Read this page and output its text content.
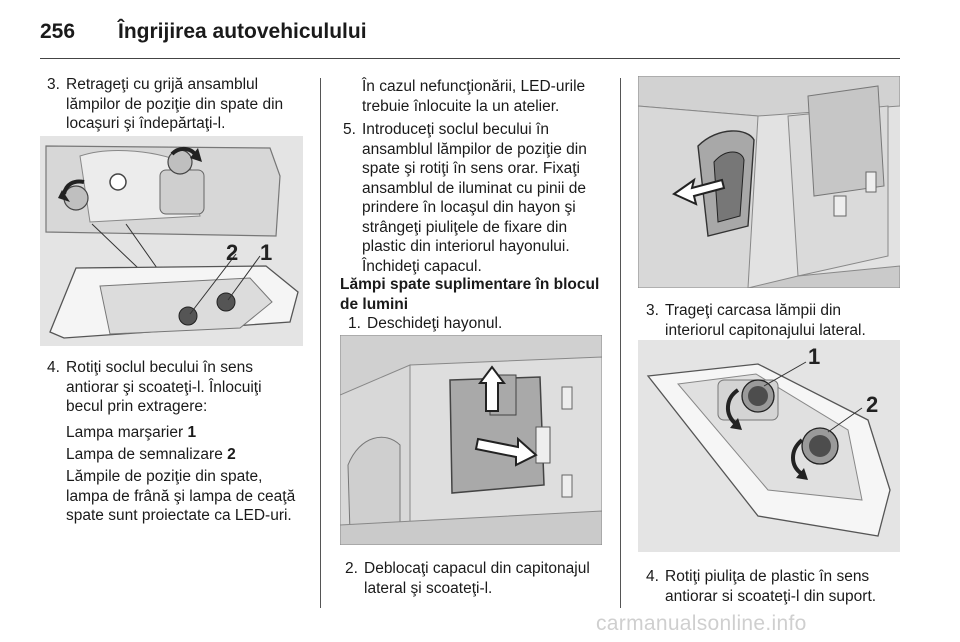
256 Îngrijirea autovehiculului
3. Retrageţi cu grijă ansamblul
lămpilor de poziţie din spate din
locaşuri şi îndepărtaţi-l.
2 1
4. Rotiţi soclul becului în sens
antiorar şi scoateţi-l. Înlocuiţi
becul prin extragere:
Lampa marşarier 1
Lampa de semnalizare 2
Lămpile de poziţie din spate,
lampa de frână şi lampa de ceaţă
spate sunt proiectate ca LED-uri.
În cazul nefuncţionării, LED-urile
trebuie înlocuite la un atelier.
5. Introduceţi soclul becului în
ansamblul lămpilor de poziţie din
spate şi rotiţi în sens orar. Fixaţi
ansamblul de iluminat cu pinii de
prindere în locaşul din hayon şi
strângeţi piuliţele de fixare din
plastic din interiorul hayonului.
Închideţi capacul.
Lămpi spate suplimentare în blocul
de lumini
1. Deschideţi hayonul.
2. Deblocaţi capacul din capitonajul
lateral şi scoateţi-l.
3. Trageţi carcasa lămpii din
interiorul capitonajului lateral.
1
2
4. Rotiţi piuliţa de plastic în sens
antiorar si scoateţi-l din suport.
carmanualsonline.info
